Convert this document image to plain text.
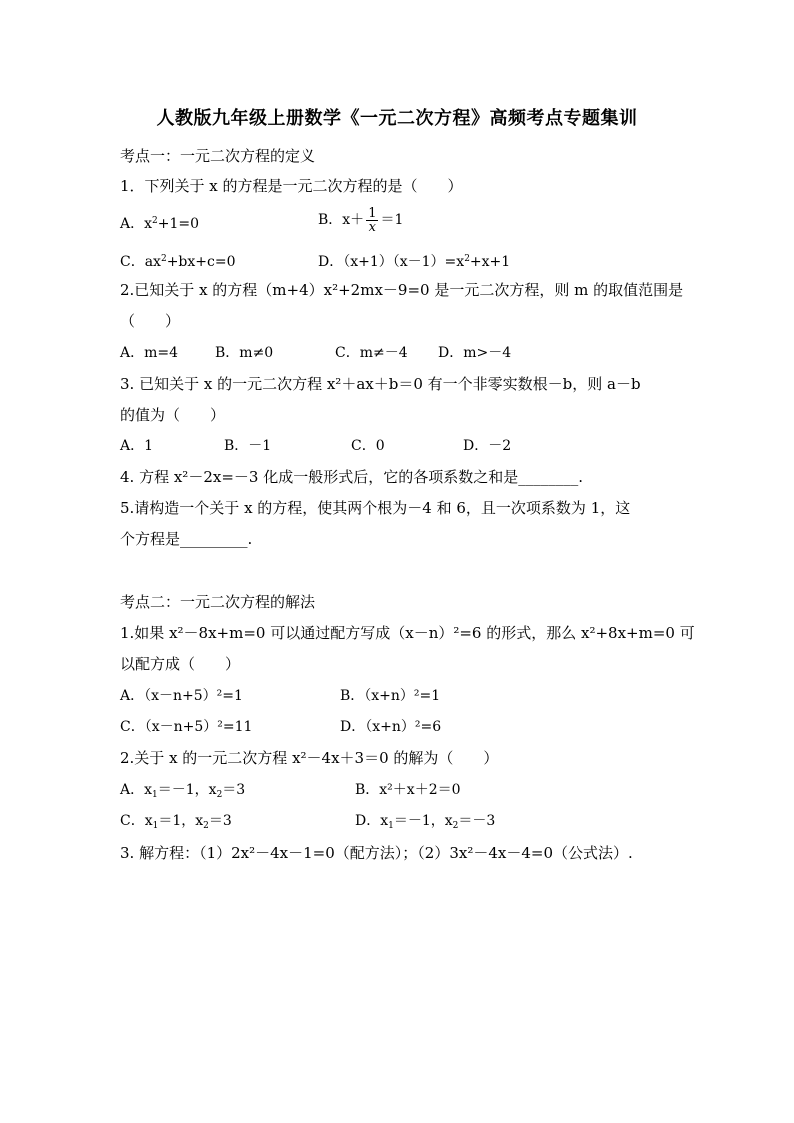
人教版九年级上册数学《一元二次方程》高频考点专题集训
考点一：一元二次方程的定义
1．下列关于 x 的方程是一元二次方程的是（　　）
A．$x^2+1=0$	B．$x+ \frac{1}{x} =1$
C．$ax^2+bx+c=0$	D．$(x+1)(x-1)=x^2+x+1$
2.已知关于 x 的方程（m+4）x²+2mx－9=0 是一元二次方程，则 m 的取值范围是
（　　）
A．m=4	B．m≠0	C．m≠－4 D．m>－4
3. 已知关于 x 的一元二次方程 x²＋ax＋b＝0 有一个非零实数根－b，则 a－b
的值为（　　）
A．1	B．－1	C．0	D．－2
4. 方程 x²－2x=－3 化成一般形式后，它的各项系数之和是________.
5.请构造一个关于 x 的方程，使其两个根为－4 和 6，且一次项系数为 1，这
个方程是_________.
考点二：一元二次方程的解法
1.如果 x²－8x+m=0 可以通过配方写成（x－n）²=6 的形式，那么 x²+8x+m=0 可
以配方成（　　）
A．（x－n+5）²=1	B．（x+n）²=1
C．（x－n+5）²=11	D．（x+n）²=6
2.关于 x 的一元二次方程 x²－4x＋3＝0 的解为（　　）
A．$x_1=-1$，$x_2=3$	B．x²＋x＋2＝0
C．$x_1=1$，$x_2=3$	D．$x_1=-1$，$x_2=-3$
3. 解方程：（1）2x²－4x－1=0（配方法）；（2）3x²－4x－4=0（公式法）.
